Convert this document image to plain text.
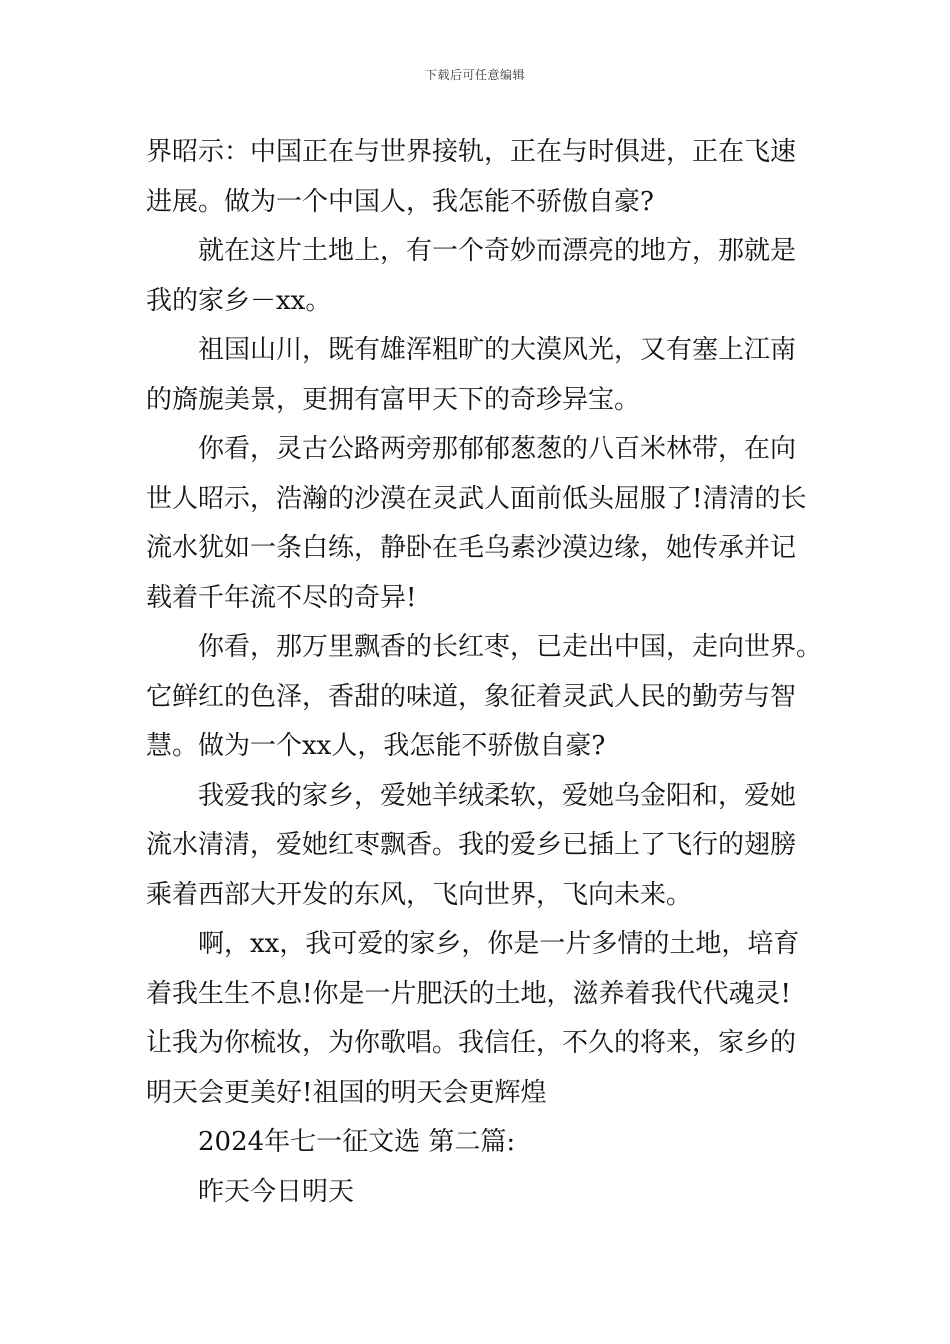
下载后可任意编辑
界昭示：中国正在与世界接轨，正在与时俱进，正在飞速
进展。做为一个中国人，我怎能不骄傲自豪?
就在这片土地上，有一个奇妙而漂亮的地方，那就是
我的家乡－xx。
祖国山川，既有雄浑粗旷的大漠风光，又有塞上江南
的旖旎美景，更拥有富甲天下的奇珍异宝。
你看，灵古公路两旁那郁郁葱葱的八百米林带，在向
世人昭示，浩瀚的沙漠在灵武人面前低头屈服了!清清的长
流水犹如一条白练，静卧在毛乌素沙漠边缘，她传承并记
载着千年流不尽的奇异!
你看，那万里飘香的长红枣，已走出中国，走向世界。
它鲜红的色泽，香甜的味道，象征着灵武人民的勤劳与智
慧。做为一个xx人，我怎能不骄傲自豪?
我爱我的家乡，爱她羊绒柔软，爱她乌金阳和，爱她
流水清清，爱她红枣飘香。我的爱乡已插上了飞行的翅膀
乘着西部大开发的东风，飞向世界，飞向未来。
啊，xx，我可爱的家乡，你是一片多情的土地，培育
着我生生不息!你是一片肥沃的土地，滋养着我代代魂灵!
让我为你梳妆，为你歌唱。我信任，不久的将来，家乡的
明天会更美好!祖国的明天会更辉煌
2024年七一征文选 第二篇:
昨天今日明天
